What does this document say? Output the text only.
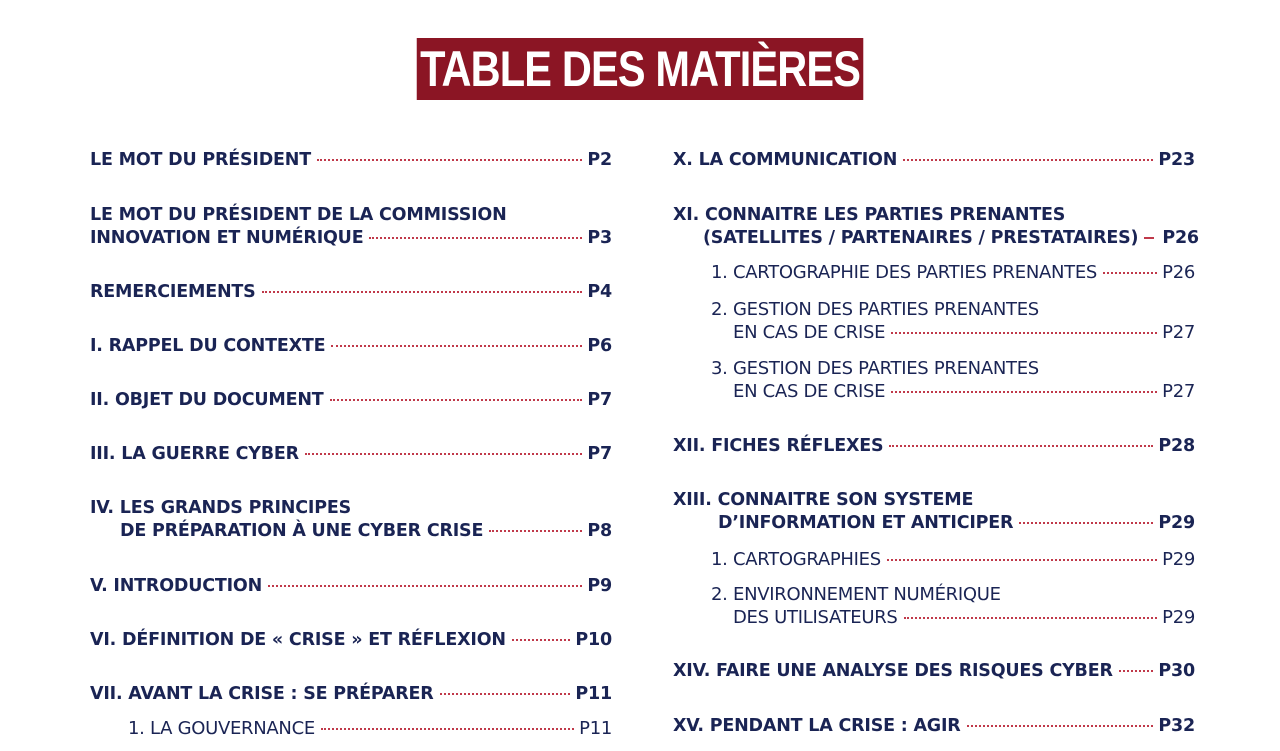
TABLE DES MATIÈRES
LE MOT DU PRÉSIDENT	P2
LE MOT DU PRÉSIDENT DE LA COMMISSION
INNOVATION ET NUMÉRIQUE	P3
REMERCIEMENTS	P4
I. RAPPEL DU CONTEXTE	P6
II. OBJET DU DOCUMENT	P7
III. LA GUERRE CYBER	P7
IV. LES GRANDS PRINCIPES
DE PRÉPARATION À UNE CYBER CRISE	P8
V. INTRODUCTION	P9
VI. DÉFINITION DE « CRISE » ET RÉFLEXION	P10
VII. AVANT LA CRISE : SE PRÉPARER	P11
1. LA GOUVERNANCE	P11
X. LA COMMUNICATION	P23
XI. CONNAITRE LES PARTIES PRENANTES
(SATELLITES / PARTENAIRES / PRESTATAIRES) P26
1. CARTOGRAPHIE DES PARTIES PRENANTES	P26
2. GESTION DES PARTIES PRENANTES
EN CAS DE CRISE	P27
3. GESTION DES PARTIES PRENANTES
EN CAS DE CRISE	P27
XII. FICHES RÉFLEXES	P28
XIII. CONNAITRE SON SYSTEME
D’INFORMATION ET ANTICIPER	P29
1. CARTOGRAPHIES	P29
2. ENVIRONNEMENT NUMÉRIQUE
DES UTILISATEURS	P29
XIV. FAIRE UNE ANALYSE DES RISQUES CYBER	P30
XV. PENDANT LA CRISE : AGIR	P32
